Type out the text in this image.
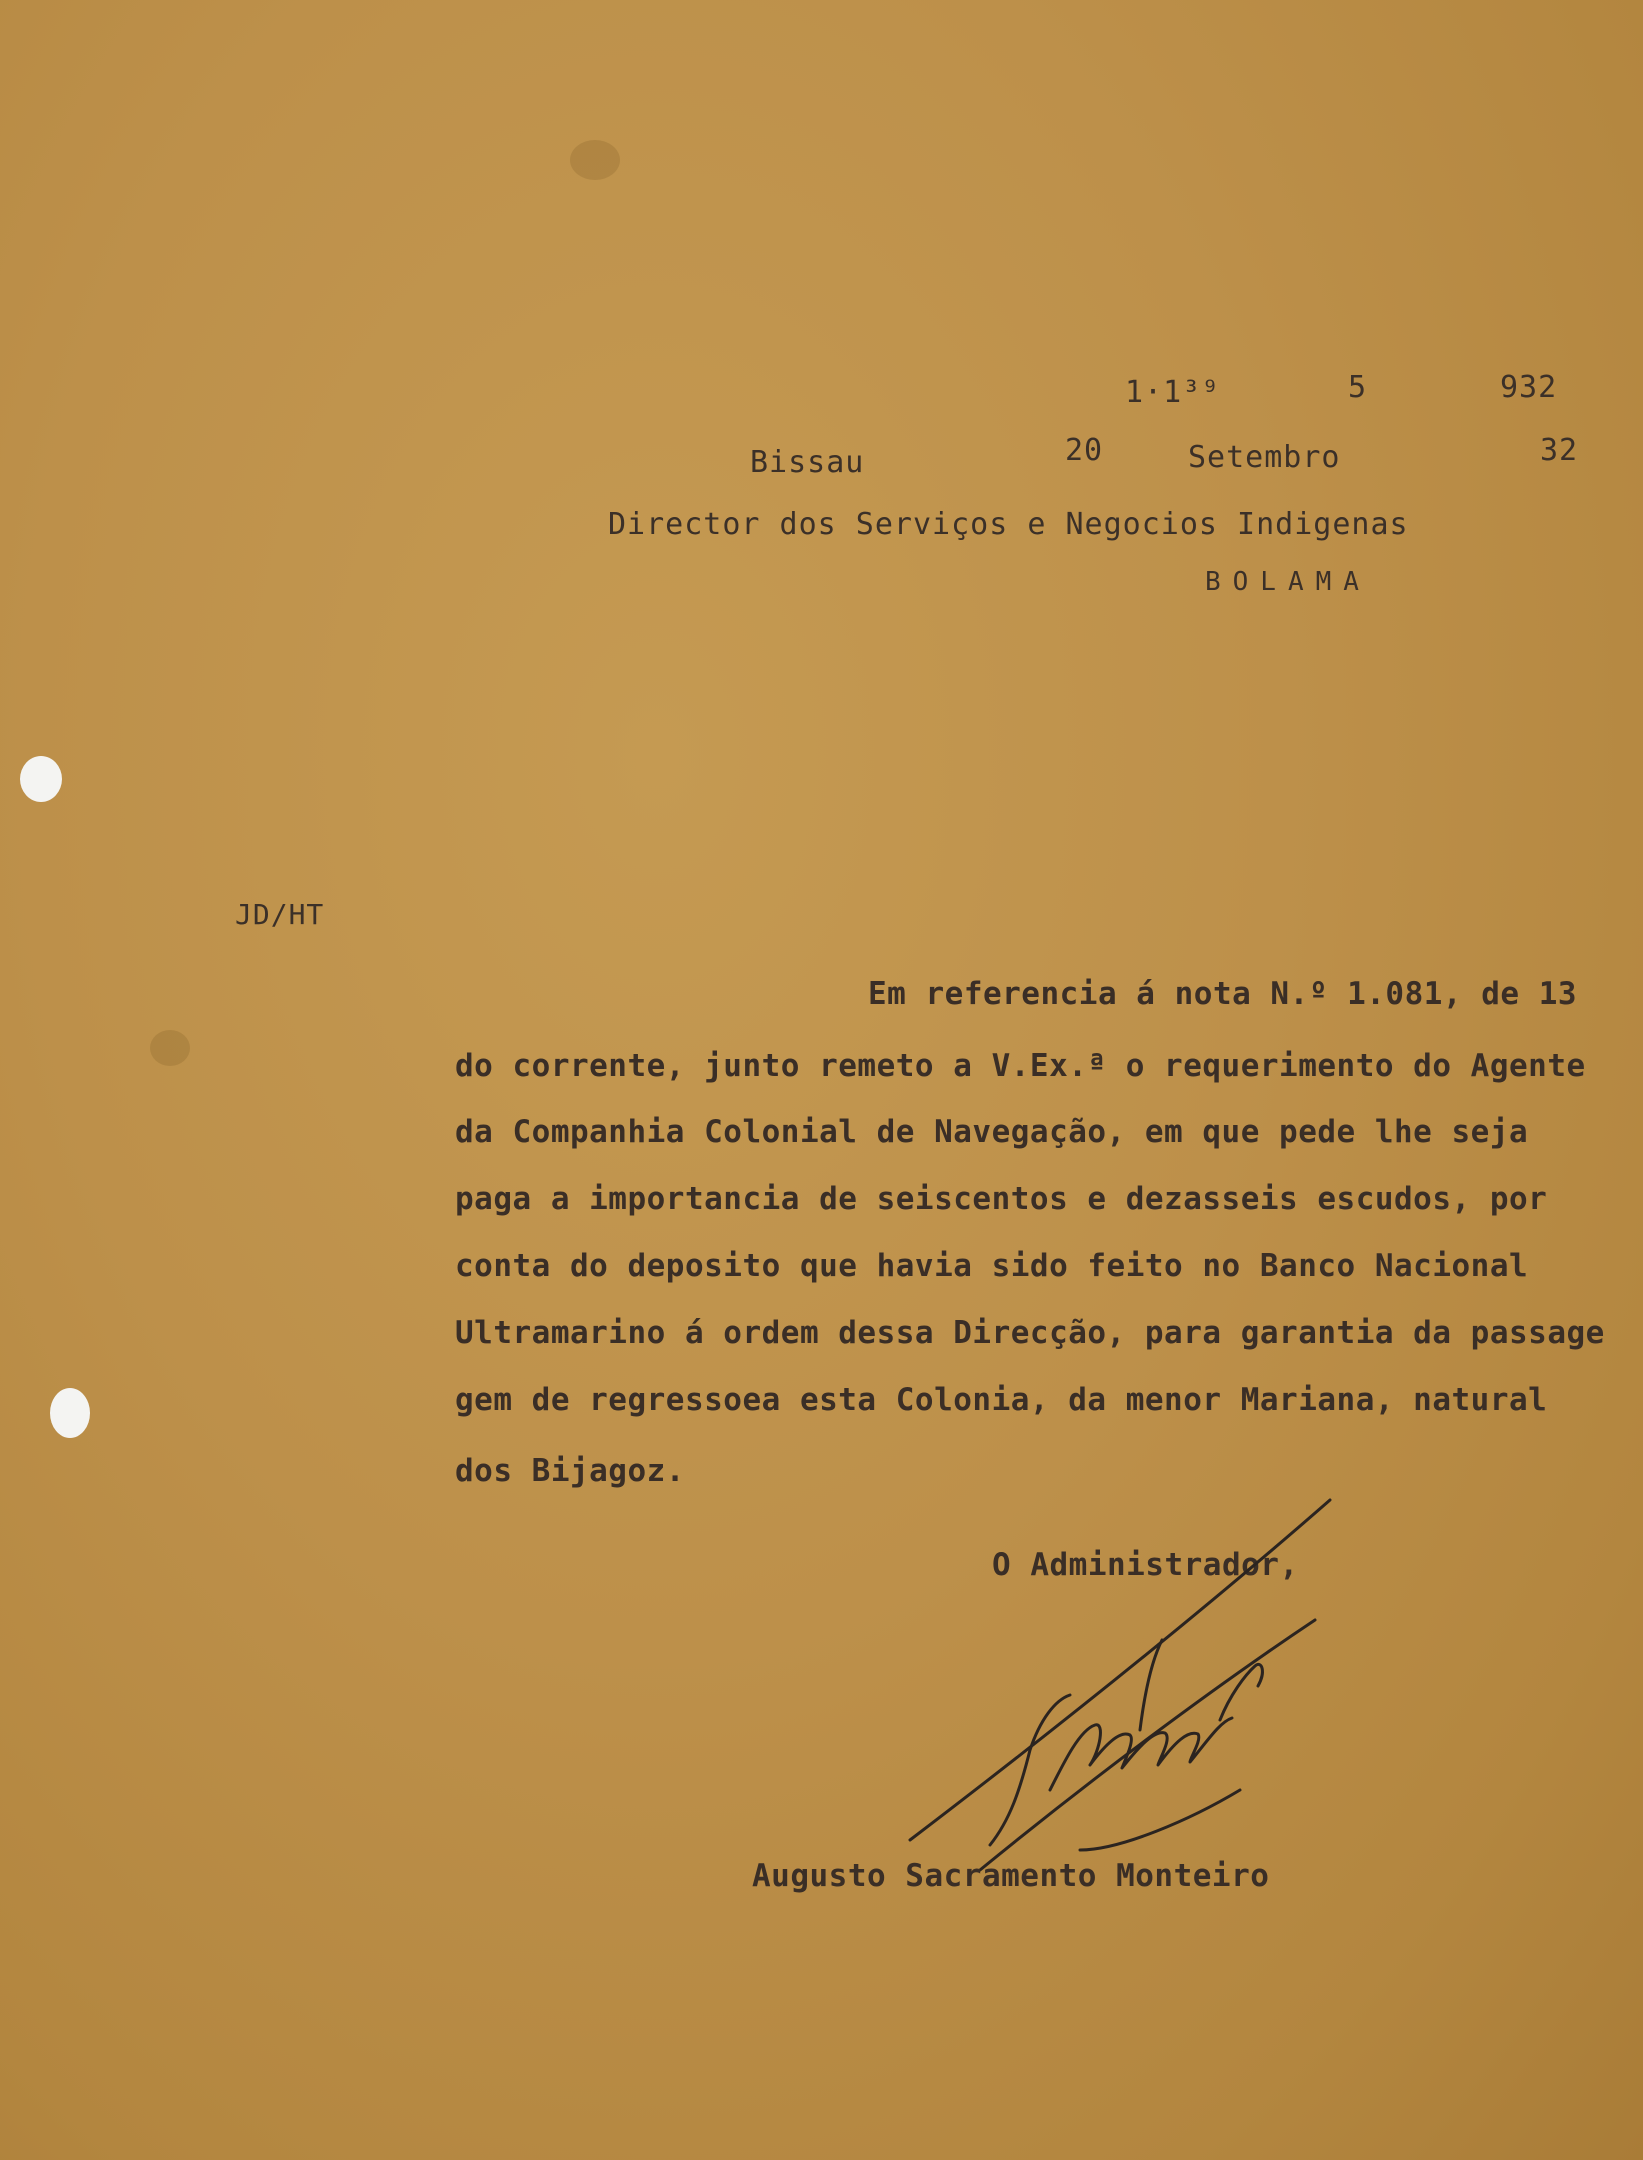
1·1³⁹	5	932
Bissau	20	Setembro	32
Director dos Serviços e Negocios Indigenas
BOLAMA
JD/HT
Em referencia á nota N.º 1.081, de 13
do corrente, junto remeto a V.Ex.ª o requerimento do Agente
da Companhia Colonial de Navegação, em que pede lhe seja
paga a importancia de seiscentos e dezasseis escudos, por
conta do deposito que havia sido feito no Banco Nacional
Ultramarino á ordem dessa Direcção, para garantia da passage
gem de regressoea esta Colonia, da menor Mariana, natural
dos Bijagoz.
O Administrador,
Augusto Sacramento Monteiro
